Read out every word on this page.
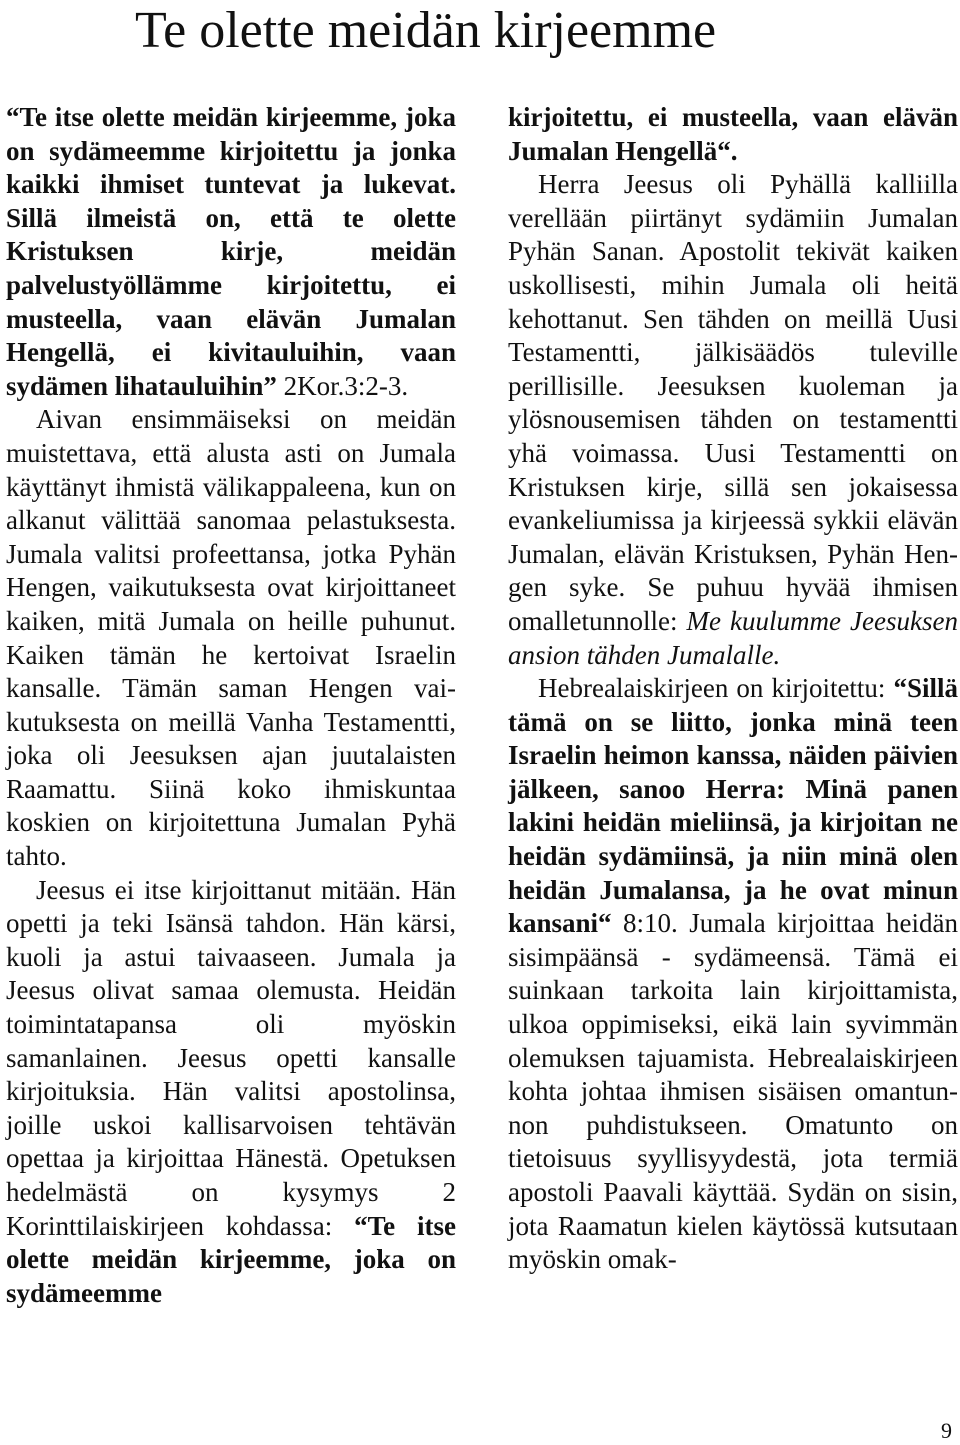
Te olette meidän kirjeemme

“Te itse olette meidän kirjeemme, joka on sydämeemme kirjoitettu ja jonka kaikki ihmiset tuntevat ja lukevat. Sillä ilmeistä on, että te olette Kristuksen kirje, meidän palvelustyöllämme kirjoitettu, ei musteella, vaan elävän Jumalan Hengellä, ei kivitauluihin, vaan sydämen lihatauluihin” 2Kor.3:2-3.

Aivan ensimmäiseksi on meidän muistettava, että alusta asti on Jumala käyttänyt ihmistä välikappaleena, kun on alkanut välittää sanomaa pelastuksesta. Jumala valitsi profeettansa, jotka Pyhän Hengen, vaikutuksesta ovat kirjoittaneet kaiken, mitä Jumala on heille puhunut. Kaiken tämän he kertoivat Israelin kansalle. Tämän saman Hengen vaikutuksesta on meillä Vanha Testamentti, joka oli Jeesuksen ajan juutalaisten Raamattu. Siinä koko ihmiskuntaa koskien on kirjoitettuna Jumalan Pyhä tahto.

Jeesus ei itse kirjoittanut mitään. Hän opetti ja teki Isänsä tahdon. Hän kärsi, kuoli ja astui taivaaseen. Jumala ja Jeesus olivat samaa olemusta. Heidän toimintatapansa oli myöskin samanlainen. Jeesus opetti kansalle kirjoituksia. Hän valitsi apostolinsa, joille uskoi kallisarvoisen tehtävän opettaa ja kirjoittaa Hänestä. Opetuksen hedelmästä on kysymys 2 Korinttilaiskirjeen kohdassa: “Te itse olette meidän kirjeemme, joka on sydämeemme

kirjoitettu, ei musteella, vaan elävän Jumalan Hengellä“.

Herra Jeesus oli Pyhällä kalliilla verellään piirtänyt sydämiin Jumalan Pyhän Sanan. Apostolit tekivät kaiken uskollisesti, mihin Jumala oli heitä kehottanut. Sen tähden on meillä Uusi Testamentti, jälkisäädös tuleville perillisille. Jeesuksen kuoleman ja ylösnousemisen tähden on testamentti yhä voimassa. Uusi Testamentti on Kristuksen kirje, sillä sen jokaisessa evankeliumissa ja kirjeessä sykkii elävän Jumalan, elävän Kristuksen, Pyhän Hengen syke. Se puhuu hyvää ihmisen omalletunnolle: Me kuulumme Jeesuksen ansion tähden Jumalalle.

Hebrealaiskirjeen on kirjoitettu: “Sillä tämä on se liitto, jonka minä teen Israelin heimon kanssa, näiden päivien jälkeen, sanoo Herra: Minä panen lakini heidän mieliinsä, ja kirjoitan ne heidän sydämiinsä, ja niin minä olen heidän Jumalansa, ja he ovat minun kansani“ 8:10. Jumala kirjoittaa heidän sisimpäänsä - sydämeensä. Tämä ei suinkaan tarkoita lain kirjoittamista, ulkoa oppimiseksi, eikä lain syvimmän olemuksen tajuamista. Hebrealaiskirjeen kohta johtaa ihmisen sisäisen omantunnon puhdistukseen. Omatunto on tietoisuus syyllisyydestä, jota termiä apostoli Paavali käyttää. Sydän on sisin, jota Raamatun kielen käytössä kutsutaan myöskin omak-

9
